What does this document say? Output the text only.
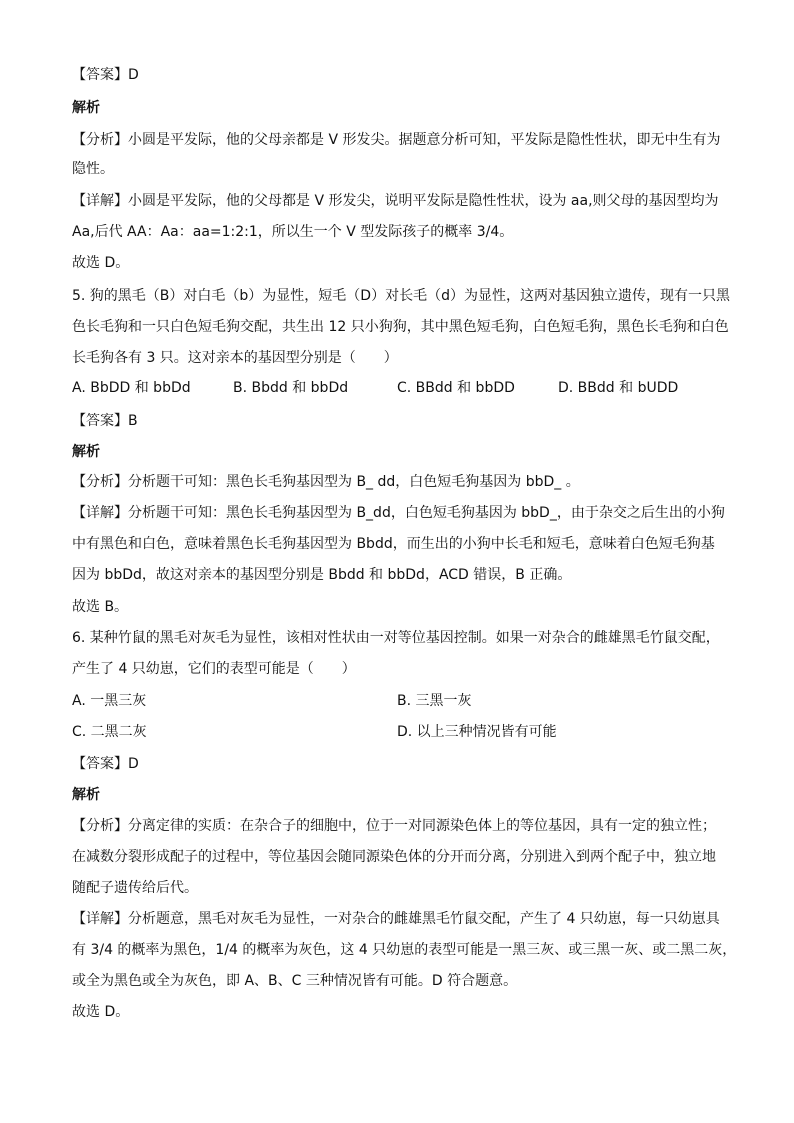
【答案】D
解析
【分析】小圆是平发际，他的父母亲都是 V 形发尖。据题意分析可知，平发际是隐性性状，即无中生有为
隐性。
【详解】小圆是平发际，他的父母都是 V 形发尖，说明平发际是隐性性状，设为 aa,则父母的基因型均为
Aa,后代 AA：Aa：aa=1:2:1，所以生一个 V 型发际孩子的概率 3/4。
故选 D。
5. 狗的黑毛（B）对白毛（b）为显性，短毛（D）对长毛（d）为显性，这两对基因独立遗传，现有一只黑
色长毛狗和一只白色短毛狗交配，共生出 12 只小狗狗，其中黑色短毛狗，白色短毛狗，黑色长毛狗和白色
长毛狗各有 3 只。这对亲本的基因型分别是（　　）
A. BbDD 和 bbDd	B. Bbdd 和 bbDd	C. BBdd 和 bbDD	D. BBdd 和 bUDD
【答案】B
解析
【分析】分析题干可知：黑色长毛狗基因型为 B_ dd，白色短毛狗基因为 bbD_ 。
【详解】分析题干可知：黑色长毛狗基因型为 B_dd，白色短毛狗基因为 bbD_，由于杂交之后生出的小狗
中有黑色和白色，意味着黑色长毛狗基因型为 Bbdd，而生出的小狗中长毛和短毛，意味着白色短毛狗基
因为 bbDd，故这对亲本的基因型分别是 Bbdd 和 bbDd，ACD 错误，B 正确。
故选 B。
6. 某种竹鼠的黑毛对灰毛为显性，该相对性状由一对等位基因控制。如果一对杂合的雌雄黑毛竹鼠交配，
产生了 4 只幼崽，它们的表型可能是（　　）
A. 一黑三灰	B. 三黑一灰
C. 二黑二灰	D. 以上三种情况皆有可能
【答案】D
解析
【分析】分离定律的实质：在杂合子的细胞中，位于一对同源染色体上的等位基因，具有一定的独立性；
在减数分裂形成配子的过程中，等位基因会随同源染色体的分开而分离，分别进入到两个配子中，独立地
随配子遗传给后代。
【详解】分析题意，黑毛对灰毛为显性，一对杂合的雌雄黑毛竹鼠交配，产生了 4 只幼崽，每一只幼崽具
有 3/4 的概率为黑色，1/4 的概率为灰色，这 4 只幼崽的表型可能是一黑三灰、或三黑一灰、或二黑二灰，
或全为黑色或全为灰色，即 A、B、C 三种情况皆有可能。D 符合题意。
故选 D。
